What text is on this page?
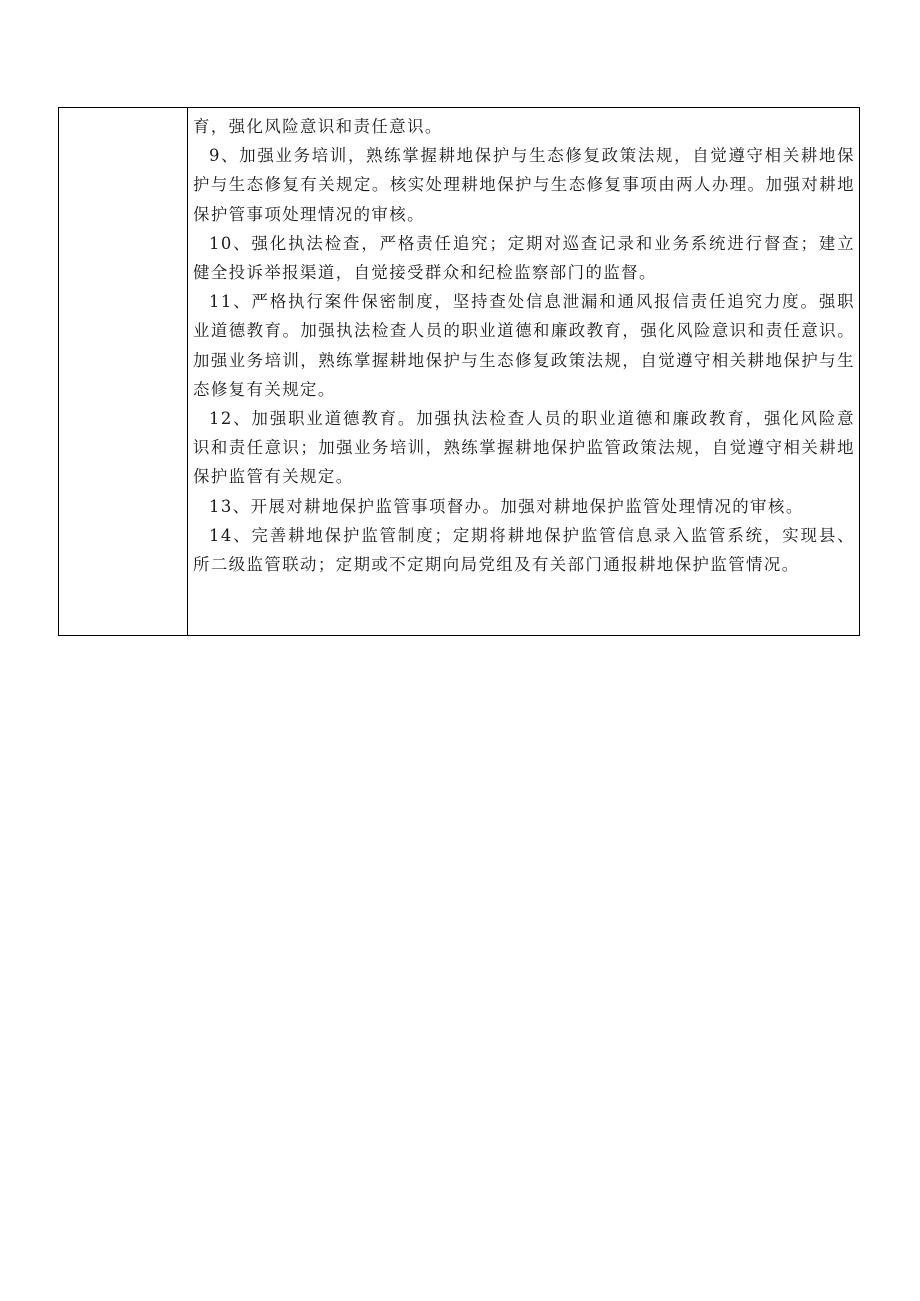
育，强化风险意识和责任意识。

9、加强业务培训，熟练掌握耕地保护与生态修复政策法规，自觉遵守相关耕地保护与生态修复有关规定。核实处理耕地保护与生态修复事项由两人办理。加强对耕地保护管事项处理情况的审核。

10、强化执法检查，严格责任追究；定期对巡查记录和业务系统进行督查；建立健全投诉举报渠道，自觉接受群众和纪检监察部门的监督。

11、严格执行案件保密制度，坚持查处信息泄漏和通风报信责任追究力度。强职业道德教育。加强执法检查人员的职业道德和廉政教育，强化风险意识和责任意识。加强业务培训，熟练掌握耕地保护与生态修复政策法规，自觉遵守相关耕地保护与生态修复有关规定。

12、加强职业道德教育。加强执法检查人员的职业道德和廉政教育，强化风险意识和责任意识；加强业务培训，熟练掌握耕地保护监管政策法规，自觉遵守相关耕地保护监管有关规定。

13、开展对耕地保护监管事项督办。加强对耕地保护监管处理情况的审核。

14、完善耕地保护监管制度；定期将耕地保护监管信息录入监管系统，实现县、所二级监管联动；定期或不定期向局党组及有关部门通报耕地保护监管情况。
